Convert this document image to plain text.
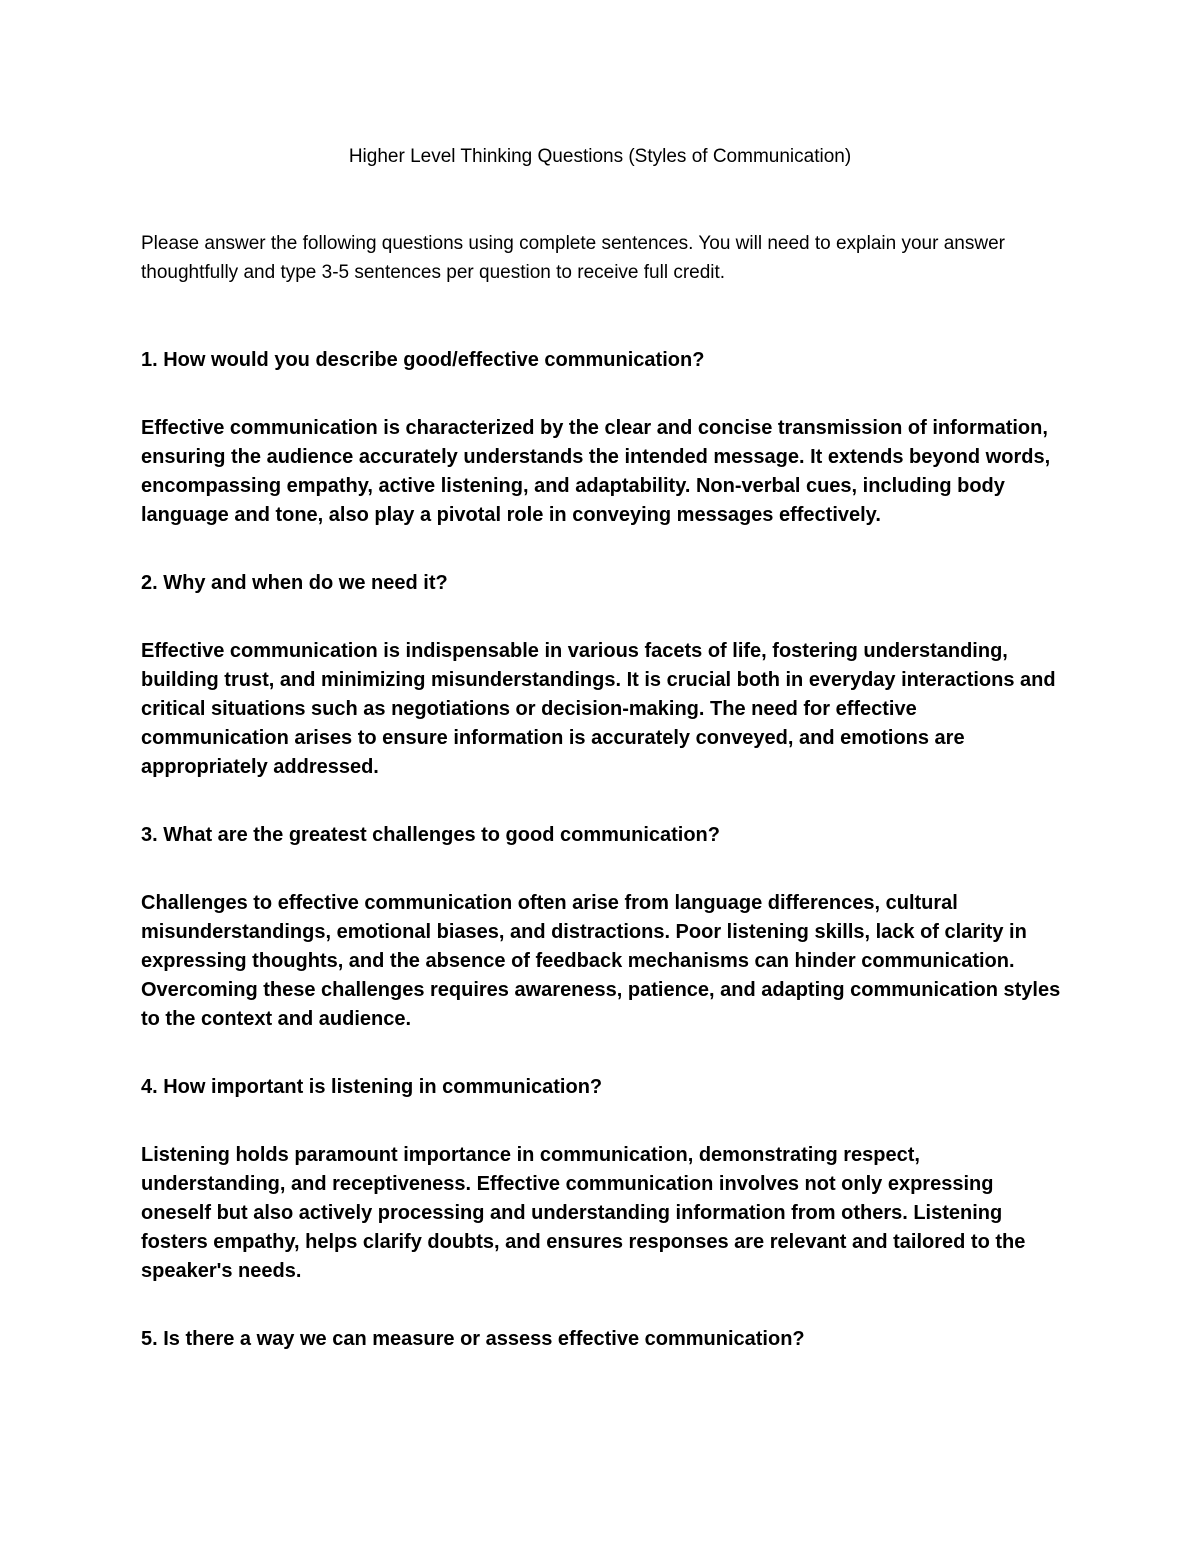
Higher Level Thinking Questions (Styles of Communication)

Please answer the following questions using complete sentences. You will need to explain your answer thoughtfully and type 3-5 sentences per question to receive full credit.

1. How would you describe good/effective communication?

Effective communication is characterized by the clear and concise transmission of information, ensuring the audience accurately understands the intended message. It extends beyond words, encompassing empathy, active listening, and adaptability. Non-verbal cues, including body language and tone, also play a pivotal role in conveying messages effectively.

2. Why and when do we need it?

Effective communication is indispensable in various facets of life, fostering understanding, building trust, and minimizing misunderstandings. It is crucial both in everyday interactions and critical situations such as negotiations or decision-making. The need for effective communication arises to ensure information is accurately conveyed, and emotions are appropriately addressed.

3. What are the greatest challenges to good communication?

Challenges to effective communication often arise from language differences, cultural misunderstandings, emotional biases, and distractions. Poor listening skills, lack of clarity in expressing thoughts, and the absence of feedback mechanisms can hinder communication. Overcoming these challenges requires awareness, patience, and adapting communication styles to the context and audience.

4. How important is listening in communication?

Listening holds paramount importance in communication, demonstrating respect, understanding, and receptiveness. Effective communication involves not only expressing oneself but also actively processing and understanding information from others. Listening fosters empathy, helps clarify doubts, and ensures responses are relevant and tailored to the speaker's needs.

5. Is there a way we can measure or assess effective communication?
